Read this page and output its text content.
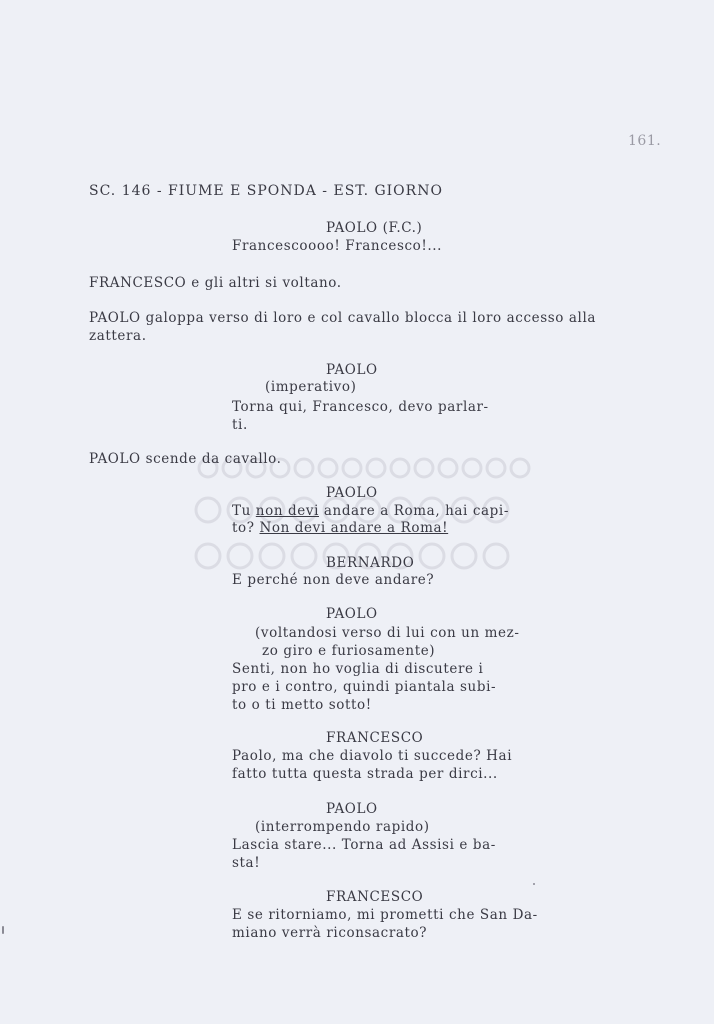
161.

SC. 146 - FIUME E SPONDA - EST. GIORNO

PAOLO (F.C.)

Francescoooo! Francesco!...

FRANCESCO e gli altri si voltano.

PAOLO galoppa verso di loro e col cavallo blocca il loro accesso alla

zattera.

PAOLO

(imperativo)

Torna qui, Francesco, devo parlar-

ti.

PAOLO scende da cavallo.

PAOLO

Tu non devi andare a Roma, hai capi-

to? Non devi andare a Roma!

BERNARDO

E perché non deve andare?

PAOLO

(voltandosi verso di lui con un mez-

zo giro e furiosamente)

Senti, non ho voglia di discutere i

pro e i contro, quindi piantala subi-

to o ti metto sotto!

FRANCESCO

Paolo, ma che diavolo ti succede? Hai

fatto tutta questa strada per dirci...

PAOLO

(interrompendo rapido)

Lascia stare... Torna ad Assisi e ba-

sta!

FRANCESCO

E se ritorniamo, mi prometti che San Da-

miano verrà riconsacrato?
